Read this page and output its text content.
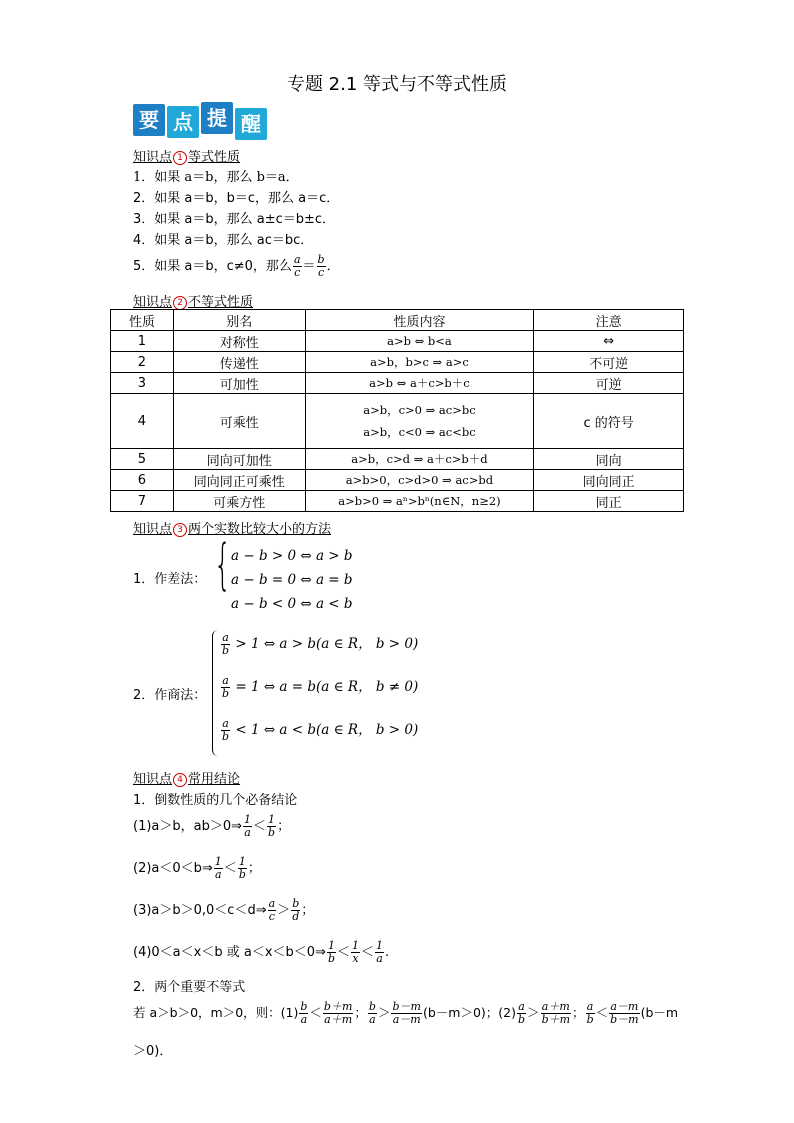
专题 2.1 等式与不等式性质
要 点 提 醒
知识点 1 等式性质
1．如果 a＝b，那么 b＝a．
2．如果 a＝b，b＝c，那么 a＝c．
3．如果 a＝b，那么 a±c＝b±c．
4．如果 a＝b，那么 ac＝bc．
5．如果 a＝b，c≠0，那么 $\frac{a}{c} = \frac{b}{c}$ ．
知识点 2 不等式性质
性质	别名	性质内容	注意
1	对称性	a>b ⇔ b<a	⇔
2	传递性	a>b，b>c ⇒ a>c	不可逆
3	可加性	a>b ⇔ a＋c>b＋c	可逆
4	可乘性	a>b，c>0 ⇒ ac>bc
a>b，c<0 ⇒ ac<bc	c 的符号
5	同向可加性	a>b，c>d ⇒ a＋c>b＋d	同向
6	同向同正可乘性	a>b>0，c>d>0 ⇒ ac>bd	同向同正
7	可乘方性	a>b>0 ⇒ aⁿ>bⁿ(n∈N，n≥2)	同正
知识点 3 两个实数比较大小的方法
1．作差法： { a − b > 0 ⇔ a > b
a − b = 0 ⇔ a = b
a − b < 0 ⇔ a < b
2．作商法：
$\frac{a}{b} > 1$ ⇔ a > b(a ∈ R， b > 0)
$\frac{a}{b} = 1$ ⇔ a = b(a ∈ R， b ≠ 0)
$\frac{a}{b} < 1$ ⇔ a < b(a ∈ R， b > 0)
知识点 4 常用结论
1．倒数性质的几个必备结论
(1)a＞b，ab＞0⇒ $\frac{1}{a} < \frac{1}{b}$ ；
(2)a＜0＜b⇒ $\frac{1}{a} < \frac{1}{b}$ ；
(3)a＞b＞0,0＜c＜d⇒ $\frac{a}{c} > \frac{b}{d}$ ；
(4)0＜a＜x＜b 或 a＜x＜b＜0⇒ $\frac{1}{b} < \frac{1}{x} < \frac{1}{a}$ .
2．两个重要不等式
若 a＞b＞0，m＞0，则：$(1) \frac{b}{a} < \frac{b+m}{a+m}$ ； $\frac{b}{a} > \frac{b-m}{a-m} (b-m>0)$；$(2) \frac{a}{b} > \frac{a+m}{b+m}$ ； $\frac{a}{b} < \frac{a-m}{b-m} (b-m$
＞0)．
